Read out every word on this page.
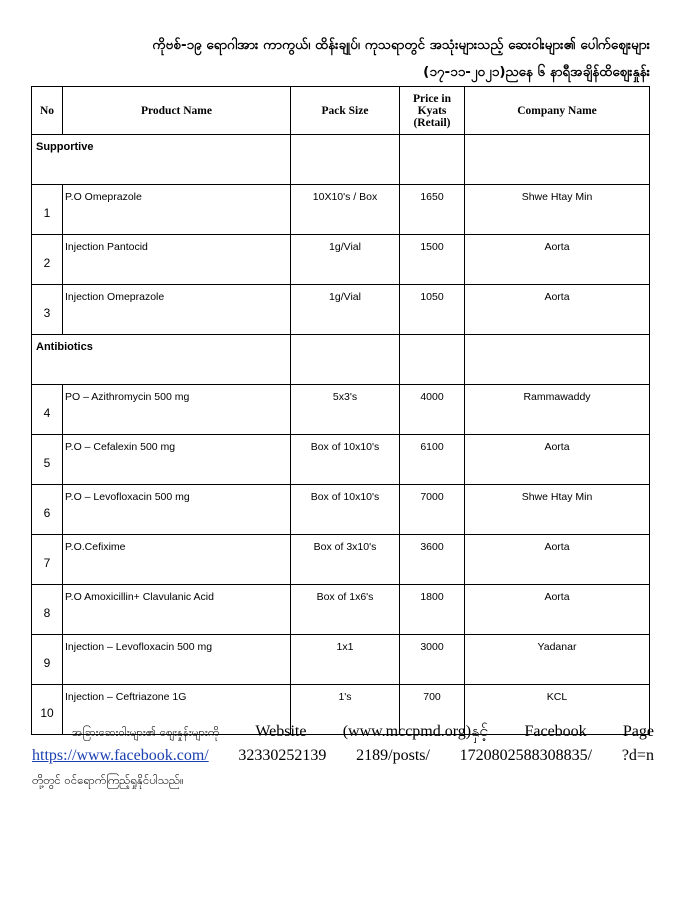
ကိုဗစ်-၁၉ ရောဂါအား ကာကွယ်၊ ထိန်းချုပ်၊ ကုသရာတွင် အသုံးများသည့် ဆေးဝါးများ၏ ပေါက်ဈေးများ
(၁၇-၁၁-၂၀၂၁)ညနေ ၆ နာရီအချိန်ထိဈေးနှုန်း
No	Product Name	Pack Size	Price in
Kyats
(Retail)	Company Name
Supportive				
1	P.O Omeprazole	10X10's / Box	1650	Shwe Htay Min
2	Injection Pantocid	1g/Vial	1500	Aorta
3	Injection Omeprazole	1g/Vial	1050	Aorta
Antibiotics				
4	PO – Azithromycin 500 mg	5x3's	4000	Rammawaddy
5	P.O – Cefalexin 500 mg	Box of 10x10's	6100	Aorta
6	P.O – Levofloxacin 500 mg	Box of 10x10's	7000	Shwe Htay Min
7	P.O.Cefixime	Box of 3x10's	3600	Aorta
8	P.O Amoxicillin+ Clavulanic Acid	Box of 1x6's	1800	Aorta
9	Injection – Levofloxacin 500 mg	1x1	3000	Yadanar
10	Injection – Ceftriazone 1G	1's	700	KCL
အခြားဆေးဝါးများ၏ ဈေးနှုန်းများကို Website (www.mccpmd.org)နှင့် Facebook Page
https://www.facebook.com/ 32330252139 2189/posts/ 1720802588308835/ ?d=n
တို့တွင် ဝင်ရောက်ကြည့်ရှုနိုင်ပါသည်။
